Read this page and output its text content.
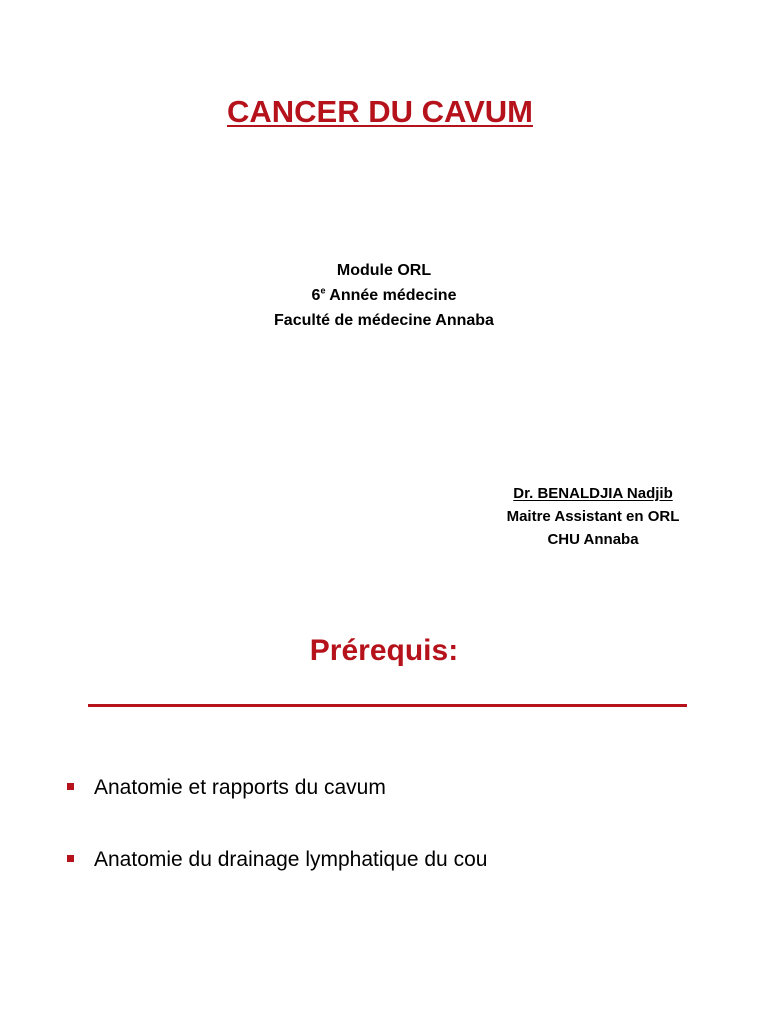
CANCER DU CAVUM
Module ORL
6e Année médecine
Faculté de médecine Annaba
Dr. BENALDJIA Nadjib
Maitre Assistant en ORL
CHU Annaba
Prérequis:
Anatomie et rapports du cavum
Anatomie du drainage lymphatique du cou
